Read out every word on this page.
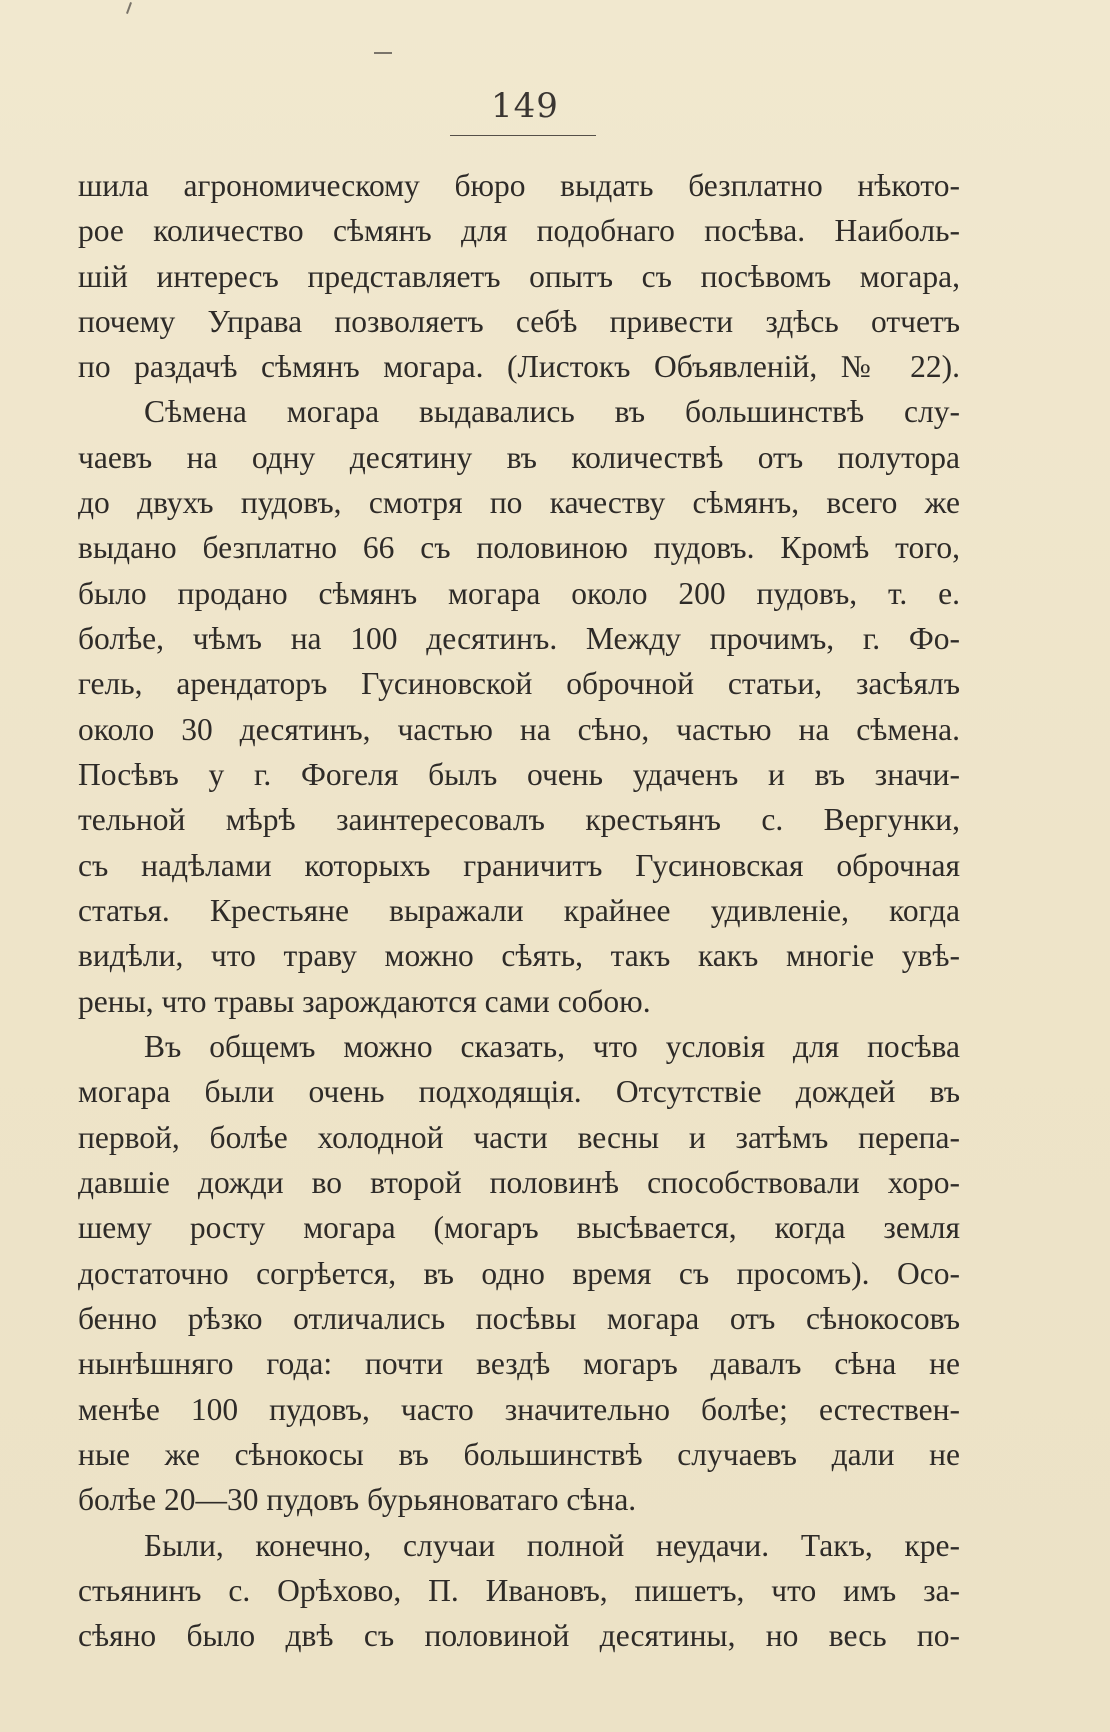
149
шила агрономическому бюро выдать безплатно нѣкото-
рое количество сѣмянъ для подобнаго посѣва. Наиболь-
шій интересъ представляетъ опытъ съ посѣвомъ могара,
почему Управа позволяетъ себѣ привести здѣсь отчетъ
по раздачѣ сѣмянъ могара. (Листокъ Объявленій, № 22).
Сѣмена могара выдавались въ большинствѣ слу-
чаевъ на одну десятину въ количествѣ отъ полутора
до двухъ пудовъ, смотря по качеству сѣмянъ, всего же
выдано безплатно 66 съ половиною пудовъ. Кромѣ того,
было продано сѣмянъ могара около 200 пудовъ, т. е.
болѣе, чѣмъ на 100 десятинъ. Между прочимъ, г. Фо-
гель, арендаторъ Гусиновской оброчной статьи, засѣялъ
около 30 десятинъ, частью на сѣно, частью на сѣмена.
Посѣвъ у г. Фогеля былъ очень удаченъ и въ значи-
тельной мѣрѣ заинтересовалъ крестьянъ с. Вергунки,
съ надѣлами которыхъ граничитъ Гусиновская оброчная
статья. Крестьяне выражали крайнее удивленіе, когда
видѣли, что траву можно сѣять, такъ какъ многіе увѣ-
рены, что травы зарождаются сами собою.
Въ общемъ можно сказать, что условія для посѣва
могара были очень подходящія. Отсутствіе дождей въ
первой, болѣе холодной части весны и затѣмъ перепа-
давшіе дожди во второй половинѣ способствовали хоро-
шему росту могара (могаръ высѣвается, когда земля
достаточно согрѣется, въ одно время съ просомъ). Осо-
бенно рѣзко отличались посѣвы могара отъ сѣнокосовъ
нынѣшняго года: почти вездѣ могаръ давалъ сѣна не
менѣе 100 пудовъ, часто значительно болѣе; естествен-
ные же сѣнокосы въ большинствѣ случаевъ дали не
болѣе 20—30 пудовъ бурьяноватаго сѣна.
Были, конечно, случаи полной неудачи. Такъ, кре-
стьянинъ с. Орѣхово, П. Ивановъ, пишетъ, что имъ за-
сѣяно было двѣ съ половиной десятины, но весь по-
